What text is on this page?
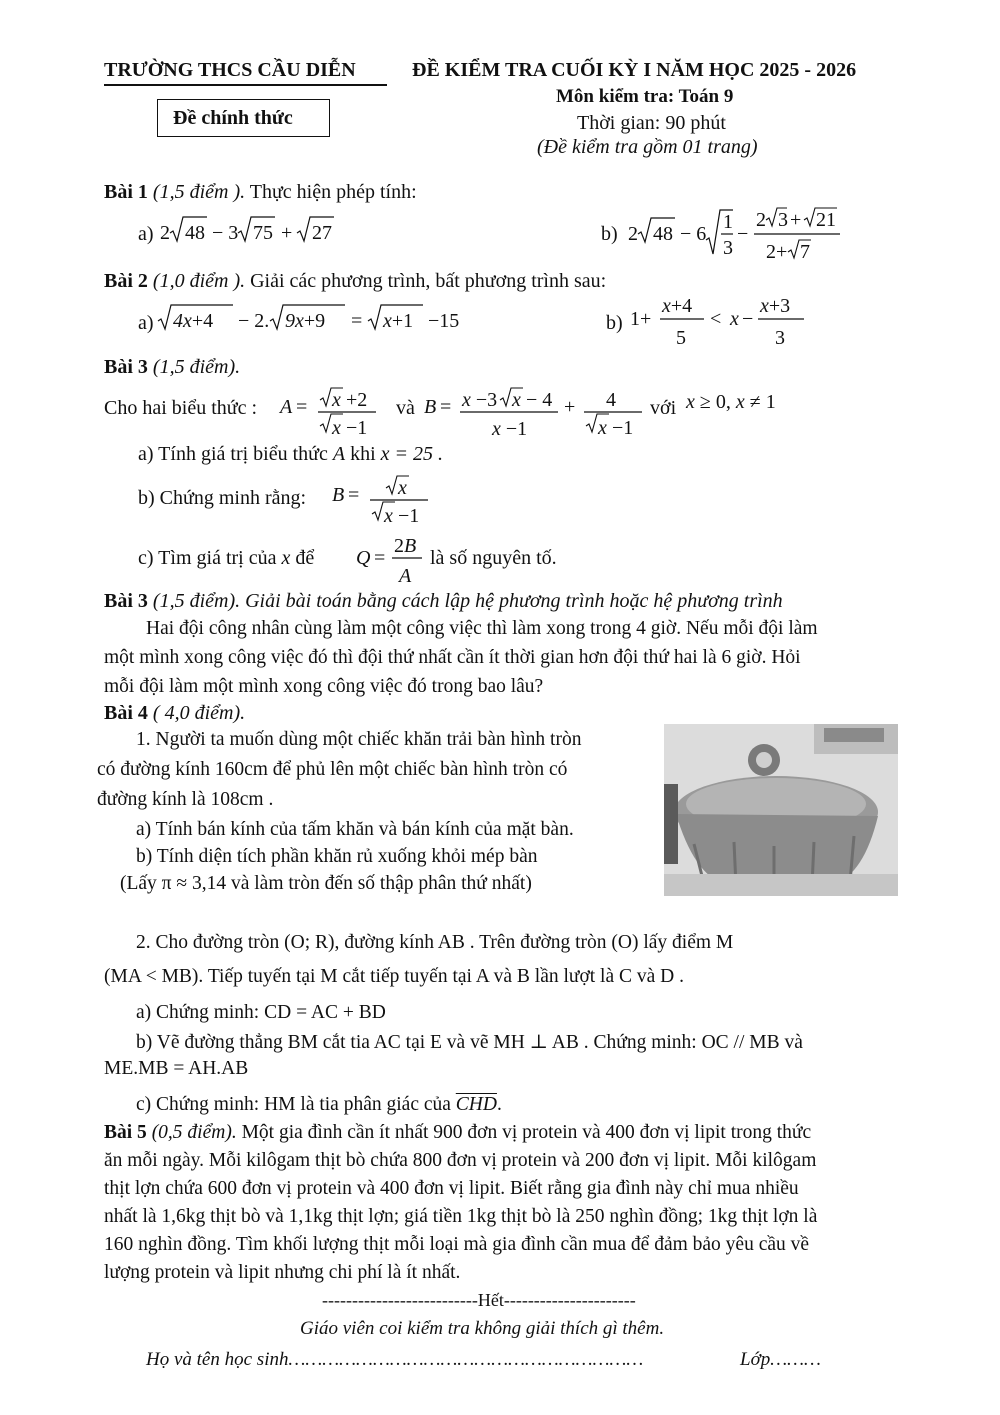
TRƯỜNG THCS CẦU DIỄN	ĐỀ KIỂM TRA CUỐI KỲ I NĂM HỌC 2025 - 2026
Môn kiểm tra: Toán 9
Đề chính thức	Thời gian: 90 phút
(Đề kiểm tra gồm 01 trang)
Bài 1 (1,5 điểm ). Thực hiện phép tính:
a) 2 48 − 3 75 + 27	b) 2 48 − 6
1
3
−
2 3 + 21
2+ 7
Bài 2 (1,0 điểm ). Giải các phương trình, bất phương trình sau:
a) 4x+4 − 2. 9x+9 = x+1 −15	b) 1+
x+4
5
< x −
x+3
3
Bài 3 (1,5 điểm).
Cho hai biểu thức : A = x +2
x −1
và B = x −3 x − 4
x −1
+ 4
x −1
với x ≥ 0, x ≠ 1
a) Tính giá trị biểu thức A khi x = 25 .
b) Chứng minh rằng: B = x
x −1
c) Tìm giá trị của x để Q =
2B
A
là số nguyên tố.
Bài 3 (1,5 điểm). Giải bài toán bằng cách lập hệ phương trình hoặc hệ phương trình
Hai đội công nhân cùng làm một công việc thì làm xong trong 4 giờ. Nếu mỗi đội làm
một mình xong công việc đó thì đội thứ nhất cần ít thời gian hơn đội thứ hai là 6 giờ. Hỏi
mỗi đội làm một mình xong công việc đó trong bao lâu?
Bài 4 ( 4,0 điểm).
1. Người ta muốn dùng một chiếc khăn trải bàn hình tròn
có đường kính 160cm để phủ lên một chiếc bàn hình tròn có
đường kính là 108cm .
a) Tính bán kính của tấm khăn và bán kính của mặt bàn.
b) Tính diện tích phần khăn rủ xuống khỏi mép bàn
(Lấy π ≈ 3,14 và làm tròn đến số thập phân thứ nhất)
2. Cho đường tròn (O; R), đường kính AB . Trên đường tròn (O) lấy điểm M
(MA < MB). Tiếp tuyến tại M cắt tiếp tuyến tại A và B lần lượt là C và D .
a) Chứng minh: CD = AC + BD
b) Vẽ đường thẳng BM cắt tia AC tại E và vẽ MH ⊥ AB . Chứng minh: OC // MB và
ME.MB = AH.AB
c) Chứng minh: HM là tia phân giác của $\overline{CHD}$.
Bài 5 (0,5 điểm). Một gia đình cần ít nhất 900 đơn vị protein và 400 đơn vị lipit trong thức
ăn mỗi ngày. Mỗi kilôgam thịt bò chứa 800 đơn vị protein và 200 đơn vị lipit. Mỗi kilôgam
thịt lợn chứa 600 đơn vị protein và 400 đơn vị lipit. Biết rằng gia đình này chỉ mua nhiều
nhất là 1,6kg thịt bò và 1,1kg thịt lợn; giá tiền 1kg thịt bò là 250 nghìn đồng; 1kg thịt lợn là
160 nghìn đồng. Tìm khối lượng thịt mỗi loại mà gia đình cần mua để đảm bảo yêu cầu về
lượng protein và lipit nhưng chi phí là ít nhất.
--------------------------Hết----------------------
Giáo viên coi kiểm tra không giải thích gì thêm.
Họ và tên học sinh………………………………………………………	Lớp………
